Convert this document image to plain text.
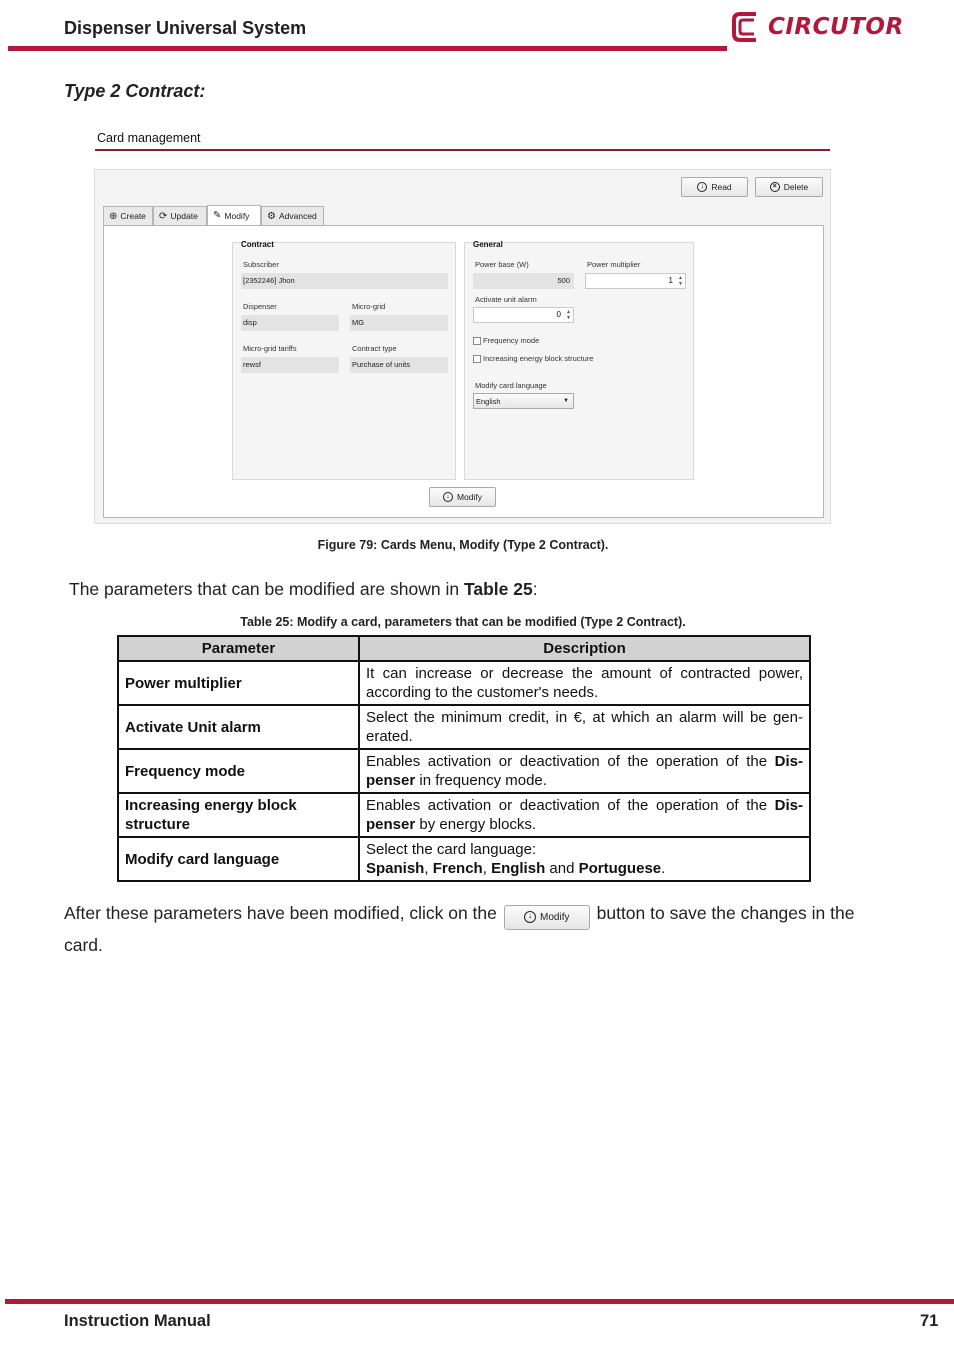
Dispenser Universal System	CIRCUTOR
Type 2 Contract:
Card management
↓ Read	× Delete
⊕ Create ⟳ Update ✎ Modify ⚙ Advanced
Contract
Subscriber
[2352246] Jhon
Dispenser
disp
Micro-grid
MG
Micro-grid tariffs
rewsf
Contract type
Purchase of units
General
Power base (W)
500
Power multiplier
1 ▲
▼
Activate unit alarm
0 ▲
▼
Frequency mode
Increasing energy block structure
Modify card language
English	▼
↓ Modify
Figure 79: Cards Menu, Modify (Type 2 Contract).
The parameters that can be modified are shown in Table 25:
Table 25: Modify a card, parameters that can be modified (Type 2 Contract).
Parameter	Description
Power multiplier	It can increase or decrease the amount of contracted power, according to the customer's needs.
Activate Unit alarm	Select the minimum credit, in €, at which an alarm will be gen-erated.
Frequency mode	Enables activation or deactivation of the operation of the Dis-penser in frequency mode.
Increasing energy block structure	Enables activation or deactivation of the operation of the Dis-penser by energy blocks.
Modify card language	Select the card language:
Spanish, French, English and Portuguese.
After these parameters have been modified, click on the	↓ Modify button to save the changes in the card.
Instruction Manual	71
